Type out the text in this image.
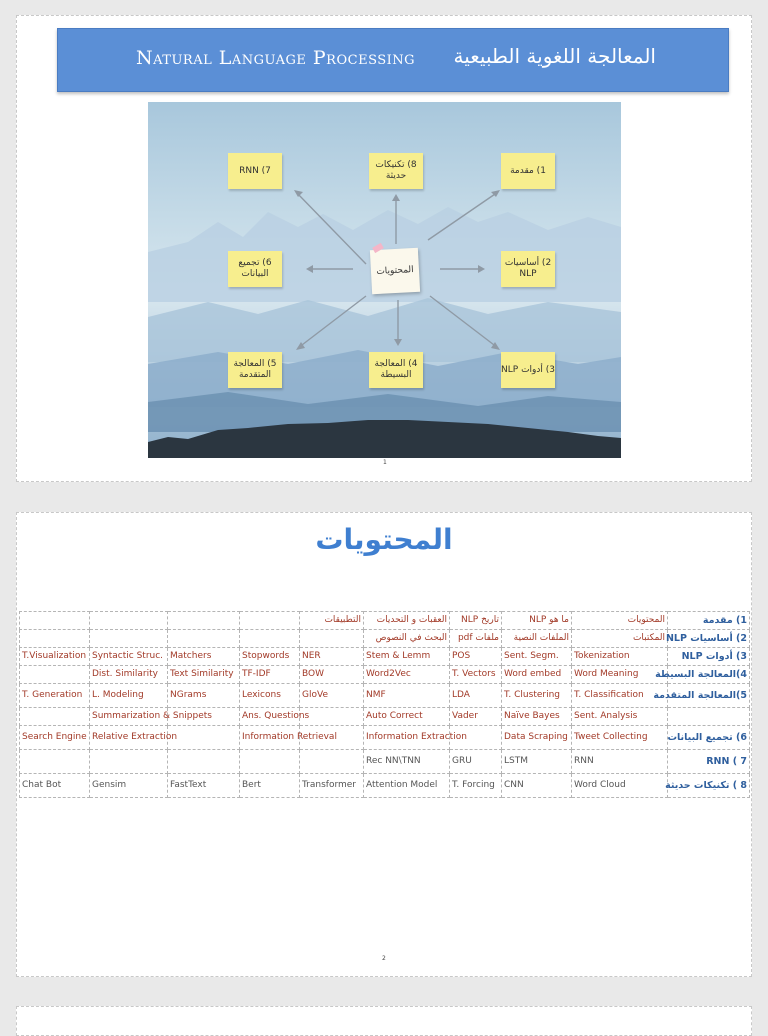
Natural Language Processing المعالجة اللغوية الطبيعية
RNN (7
8) تكنيكات حديثة
1) مقدمة
6) تجميع البيانات
2) أساسيات NLP
5) المعالجة المتقدمة
4) المعالجة البسيطة
3) أدوات NLP
المحتويات
1
المحتويات
				التطبيقات	العقبات و التحديات	تاريخ NLP	ما هو NLP	المحتويات	1) مقدمة
					البحث في النصوص	ملفات pdf	الملفات النصية	المكتبات	2) أساسيات NLP
T.Visualization	Syntactic Struc.	Matchers	Stopwords	NER	Stem & Lemm	POS	Sent. Segm.	Tokenization	3) أدوات NLP
	Dist. Similarity	Text Similarity	TF-IDF	BOW	Word2Vec	T. Vectors	Word embed	Word Meaning	4)المعالجة البسيطة
T. Generation	L. Modeling	NGrams	Lexicons	GloVe	NMF	LDA	T. Clustering	T. Classification	5)المعالجة المتقدمة
	Summarization & Snippets		Ans. Questions		Auto Correct	Vader	Naïve Bayes	Sent. Analysis	
Search Engine	Relative Extraction		Information Retrieval		Information Extraction		Data Scraping	Tweet Collecting	6) تجميع البيانات
					Rec NN\TNN	GRU	LSTM	RNN	RNN ( 7
Chat Bot	Gensim	FastText	Bert	Transformer	Attention Model	T. Forcing	CNN	Word Cloud	8 ) تكنيكات حديثة
2
